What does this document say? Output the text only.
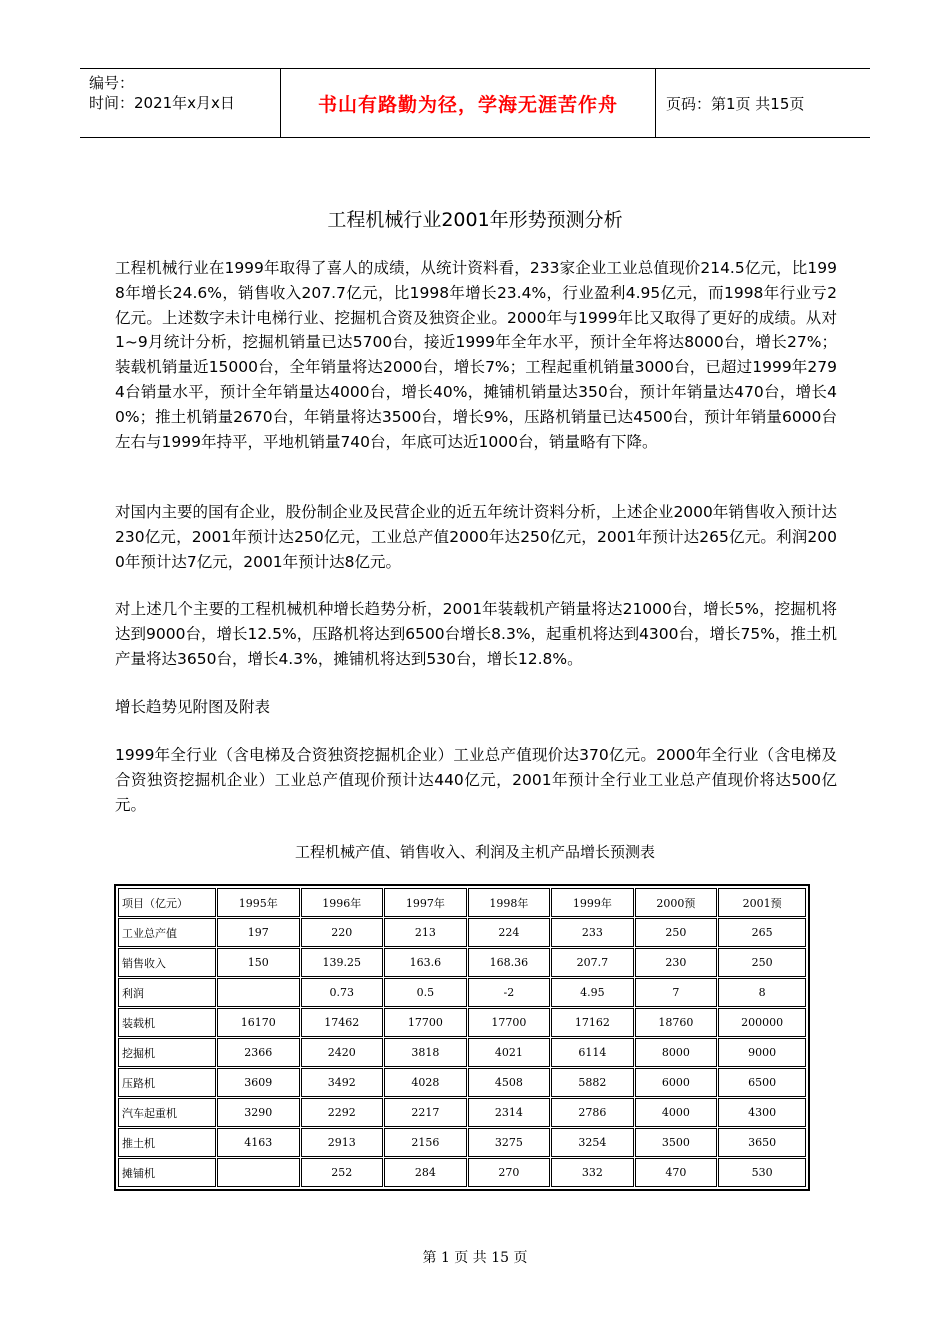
编号：
时间：2021年x月x日	书山有路勤为径，学海无涯苦作舟	页码：第1页 共15页
工程机械行业2001年形势预测分析

工程机械行业在1999年取得了喜人的成绩，从统计资料看，233家企业工业总值现价214.5亿元，比1998年增长24.6%，销售收入207.7亿元，比1998年增长23.4%，行业盈利4.95亿元，而1998年行业亏2亿元。上述数字未计电梯行业、挖掘机合资及独资企业。2000年与1999年比又取得了更好的成绩。从对1~9月统计分析，挖掘机销量已达5700台，接近1999年全年水平，预计全年将达8000台，增长27%；装载机销量近15000台，全年销量将达2000台，增长7%；工程起重机销量3000台，已超过1999年2794台销量水平，预计全年销量达4000台，增长40%，摊铺机销量达350台，预计年销量达470台，增长40%；推土机销量2670台，年销量将达3500台，增长9%，压路机销量已达4500台，预计年销量6000台左右与1999年持平，平地机销量740台，年底可达近1000台，销量略有下降。

对国内主要的国有企业，股份制企业及民营企业的近五年统计资料分析，上述企业2000年销售收入预计达230亿元，2001年预计达250亿元，工业总产值2000年达250亿元，2001年预计达265亿元。利润2000年预计达7亿元，2001年预计达8亿元。

对上述几个主要的工程机械机种增长趋势分析，2001年装载机产销量将达21000台，增长5%，挖掘机将达到9000台，增长12.5%，压路机将达到6500台增长8.3%，起重机将达到4300台，增长75%，推土机产量将达3650台，增长4.3%，摊铺机将达到530台，增长12.8%。

增长趋势见附图及附表

1999年全行业（含电梯及合资独资挖掘机企业）工业总产值现价达370亿元。2000年全行业（含电梯及合资独资挖掘机企业）工业总产值现价预计达440亿元，2001年预计全行业工业总产值现价将达500亿元。

工程机械产值、销售收入、利润及主机产品增长预测表
项目（亿元）	1995年	1996年	1997年	1998年	1999年	2000预	2001预
工业总产值	197	220	213	224	233	250	265
销售收入	150	139.25	163.6	168.36	207.7	230	250
利润		0.73	0.5	-2	4.95	7	8
装载机	16170	17462	17700	17700	17162	18760	200000
挖掘机	2366	2420	3818	4021	6114	8000	9000
压路机	3609	3492	4028	4508	5882	6000	6500
汽车起重机	3290	2292	2217	2314	2786	4000	4300
推土机	4163	2913	2156	3275	3254	3500	3650
摊铺机		252	284	270	332	470	530
第 1 页 共 15 页
